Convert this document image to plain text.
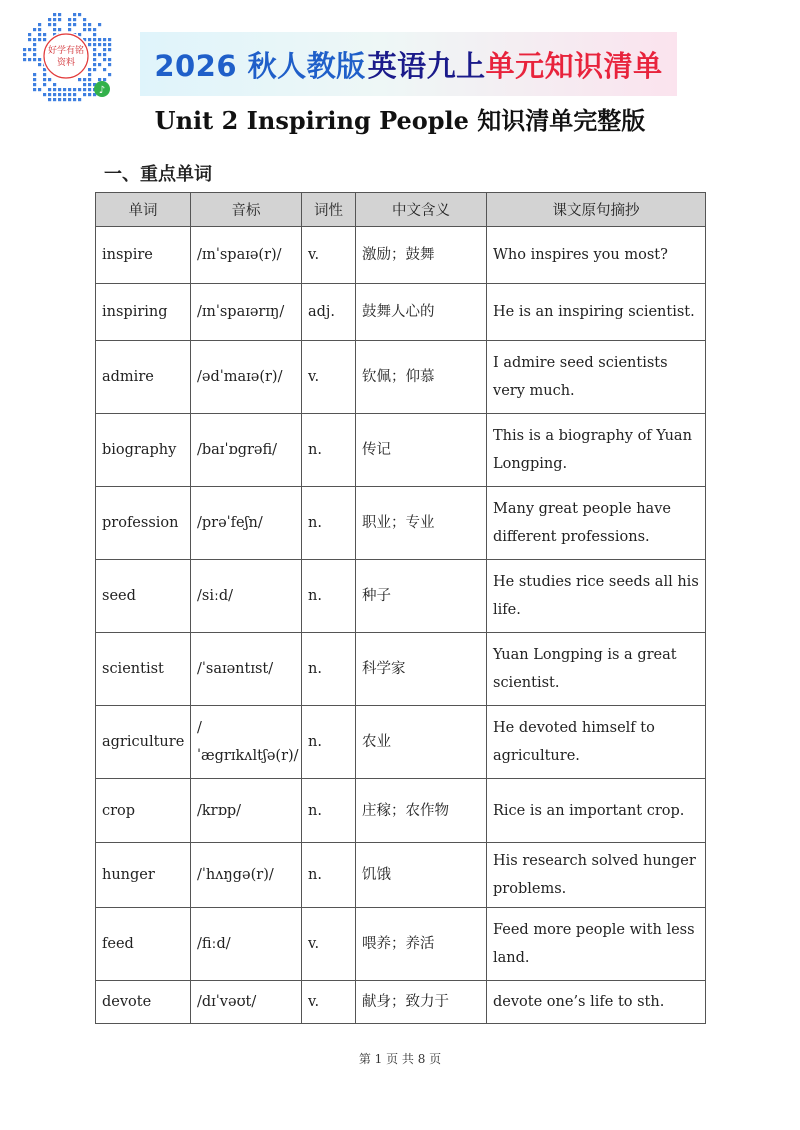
好学有铭
资料
♪
2026 秋人教版 英语九上 单元知识清单
Unit 2 Inspiring People 知识清单完整版
一、重点单词
单词	音标	词性	中文含义	课文原句摘抄
inspire	/ɪnˈspaɪə(r)/	v.	激励；鼓舞	Who inspires you most?
inspiring	/ɪnˈspaɪərɪŋ/	adj.	鼓舞人心的	He is an inspiring scientist.
admire	/ədˈmaɪə(r)/	v.	钦佩；仰慕	I admire seed scientists very much.
biography	/baɪˈɒgrəfi/	n.	传记	This is a biography of Yuan Longping.
profession	/prəˈfeʃn/	n.	职业；专业	Many great people have different professions.
seed	/siːd/	n.	种子	He studies rice seeds all his life.
scientist	/ˈsaɪəntɪst/	n.	科学家	Yuan Longping is a great scientist.
agriculture	/ˈægrɪkʌltʃə(r)/	n.	农业	He devoted himself to agriculture.
crop	/krɒp/	n.	庄稼；农作物	Rice is an important crop.
hunger	/ˈhʌŋgə(r)/	n.	饥饿	His research solved hunger problems.
feed	/fiːd/	v.	喂养；养活	Feed more people with less land.
devote	/dɪˈvəʊt/	v.	献身；致力于	devote one’s life to sth.
第 1 页 共 8 页
